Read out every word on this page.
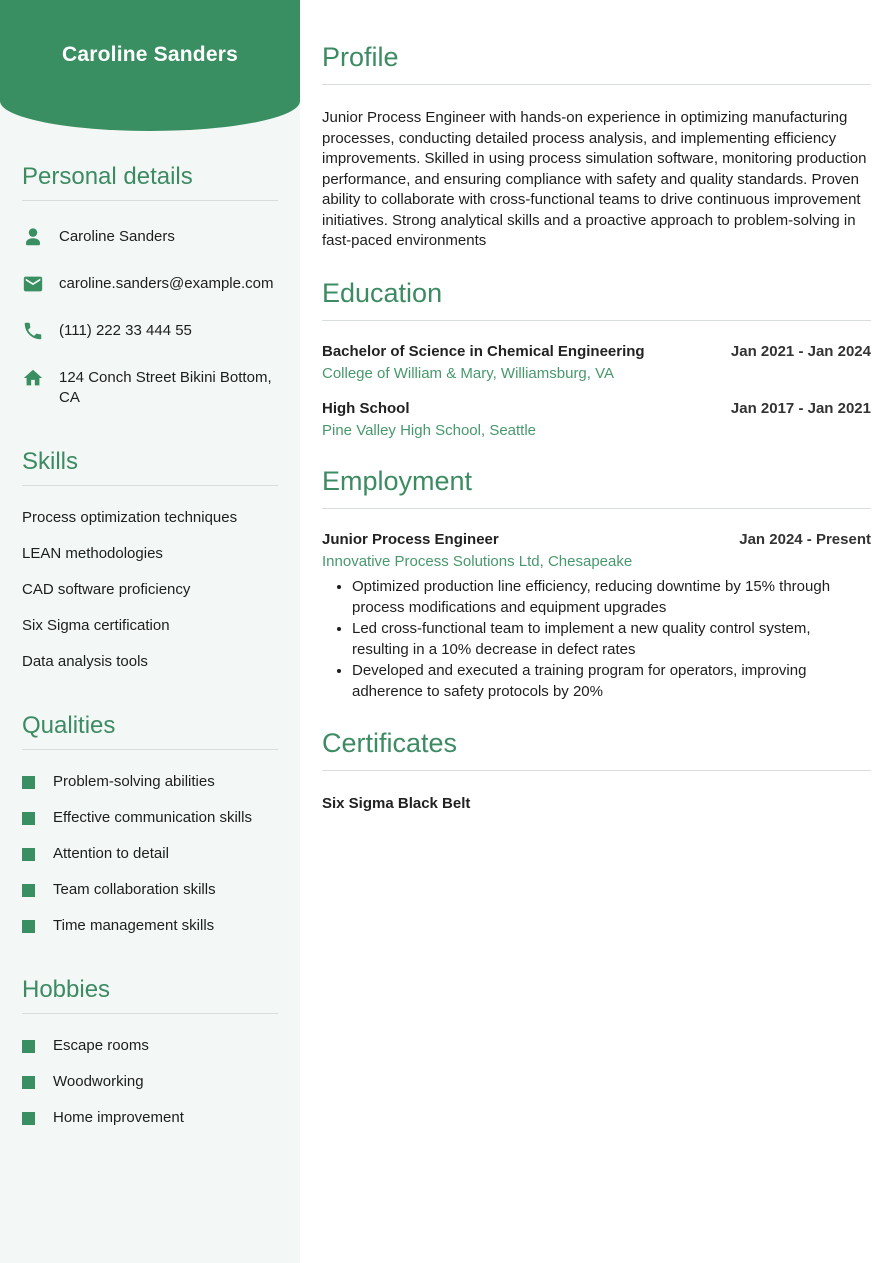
Caroline Sanders
Personal details
Caroline Sanders
caroline.sanders@example.com
(111) 222 33 444 55
124 Conch Street Bikini Bottom, CA
Skills
Process optimization techniques
LEAN methodologies
CAD software proficiency
Six Sigma certification
Data analysis tools
Qualities
Problem-solving abilities
Effective communication skills
Attention to detail
Team collaboration skills
Time management skills
Hobbies
Escape rooms
Woodworking
Home improvement
Profile

Junior Process Engineer with hands-on experience in optimizing manufacturing processes, conducting detailed process analysis, and implementing efficiency improvements. Skilled in using process simulation software, monitoring production performance, and ensuring compliance with safety and quality standards. Proven ability to collaborate with cross-functional teams to drive continuous improvement initiatives. Strong analytical skills and a proactive approach to problem-solving in fast-paced environments

Education
Bachelor of Science in Chemical Engineering	Jan 2021 - Jan 2024
College of William & Mary, Williamsburg, VA
High School	Jan 2017 - Jan 2021
Pine Valley High School, Seattle
Employment
Junior Process Engineer	Jan 2024 - Present
Innovative Process Solutions Ltd, Chesapeake
• Optimized production line efficiency, reducing downtime by 15% through process modifications and equipment upgrades
• Led cross-functional team to implement a new quality control system, resulting in a 10% decrease in defect rates
• Developed and executed a training program for operators, improving adherence to safety protocols by 20%
Certificates
Six Sigma Black Belt
